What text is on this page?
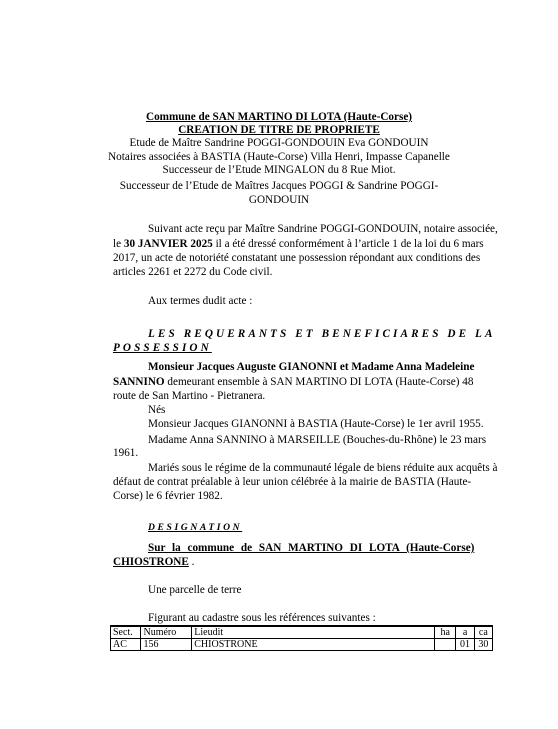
Commune de SAN MARTINO DI LOTA (Haute-Corse)
CREATION DE TITRE DE PROPRIETE
Etude de Maître Sandrine POGGI-GONDOUIN Eva GONDOUIN
Notaires associées à BASTIA (Haute-Corse) Villa Henri, Impasse Capanelle
Successeur de l’Etude MINGALON du 8 Rue Miot.
Successeur de l’Etude de Maîtres Jacques POGGI & Sandrine POGGI-
GONDOUIN
Suivant acte reçu par Maître Sandrine POGGI-GONDOUIN, notaire associée,
le 30 JANVIER 2025 il a été dressé conformément à l’article 1 de la loi du 6 mars
2017, un acte de notoriété constatant une possession répondant aux conditions des
articles 2261 et 2272 du Code civil.
Aux termes dudit acte :
LES REQUERANTS ET BENEFICIARES DE LA
POSSESSION
Monsieur Jacques Auguste GIANONNI et Madame Anna Madeleine
SANNINO demeurant ensemble à SAN MARTINO DI LOTA (Haute-Corse) 48
route de San Martino - Pietranera.
Nés
Monsieur Jacques GIANONNI à BASTIA (Haute-Corse) le 1er avril 1955.
Madame Anna SANNINO à MARSEILLE (Bouches-du-Rhône) le 23 mars
1961.
Mariés sous le régime de la communauté légale de biens réduite aux acquêts à
défaut de contrat préalable à leur union célébrée à la mairie de BASTIA (Haute-
Corse) le 6 février 1982.
DESIGNATION
Sur la commune de SAN MARTINO DI LOTA (Haute-Corse)
CHIOSTRONE .
Une parcelle de terre
Figurant au cadastre sous les références suivantes :
Sect.	Numéro	Lieudit	ha	a	ca
AC	156	CHIOSTRONE		01	30
